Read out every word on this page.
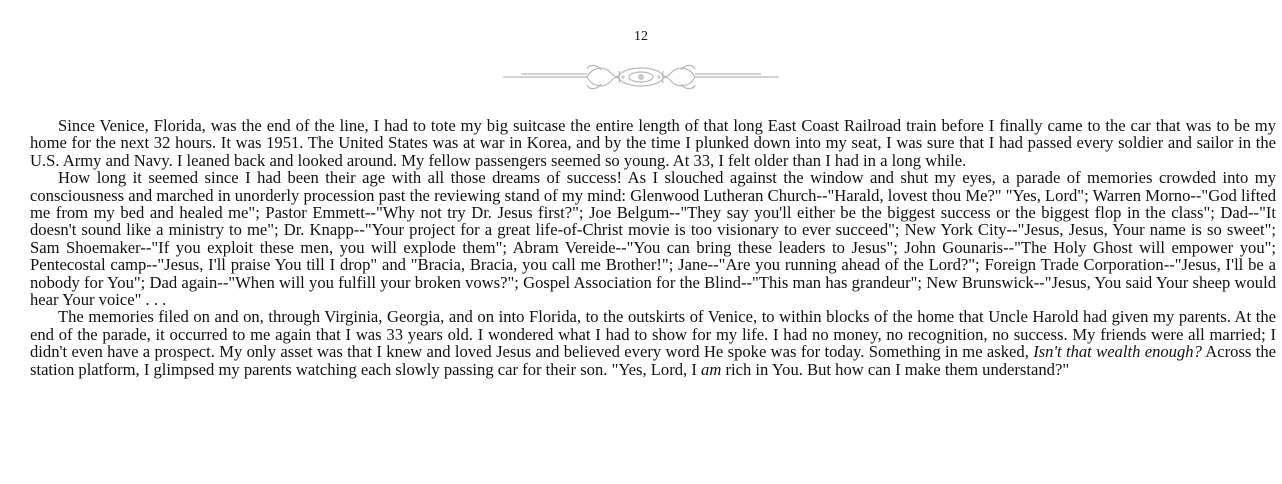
12

Since Venice, Florida, was the end of the line, I had to tote my big suitcase the entire length of that long East Coast Railroad train before I finally came to the car that was to be my home for the next 32 hours. It was 1951. The United States was at war in Korea, and by the time I plunked down into my seat, I was sure that I had passed every soldier and sailor in the U.S. Army and Navy. I leaned back and looked around. My fellow passengers seemed so young. At 33, I felt older than I had in a long while.

How long it seemed since I had been their age with all those dreams of success! As I slouched against the window and shut my eyes, a parade of memories crowded into my consciousness and marched in unorderly procession past the reviewing stand of my mind: Glenwood Lutheran Church--"Harald, lovest thou Me?" "Yes, Lord"; Warren Morno--"God lifted me from my bed and healed me"; Pastor Emmett--"Why not try Dr. Jesus first?"; Joe Belgum--"They say you'll either be the biggest success or the biggest flop in the class"; Dad--"It doesn't sound like a ministry to me"; Dr. Knapp--"Your project for a great life-of-Christ movie is too visionary to ever succeed"; New York City--"Jesus, Jesus, Your name is so sweet"; Sam Shoemaker--"If you exploit these men, you will explode them"; Abram Vereide--"You can bring these leaders to Jesus"; John Gounaris--"The Holy Ghost will empower you"; Pentecostal camp--"Jesus, I'll praise You till I drop" and "Bracia, Bracia, you call me Brother!"; Jane--"Are you running ahead of the Lord?"; Foreign Trade Corporation--"Jesus, I'll be a nobody for You"; Dad again--"When will you fulfill your broken vows?"; Gospel Association for the Blind--"This man has grandeur"; New Brunswick--"Jesus, You said Your sheep would hear Your voice" . . .

The memories filed on and on, through Virginia, Georgia, and on into Florida, to the outskirts of Venice, to within blocks of the home that Uncle Harold had given my parents. At the end of the parade, it occurred to me again that I was 33 years old. I wondered what I had to show for my life. I had no money, no recognition, no success. My friends were all married; I didn't even have a prospect. My only asset was that I knew and loved Jesus and believed every word He spoke was for today. Something in me asked, Isn't that wealth enough? Across the station platform, I glimpsed my parents watching each slowly passing car for their son. "Yes, Lord, I am rich in You. But how can I make them understand?"
